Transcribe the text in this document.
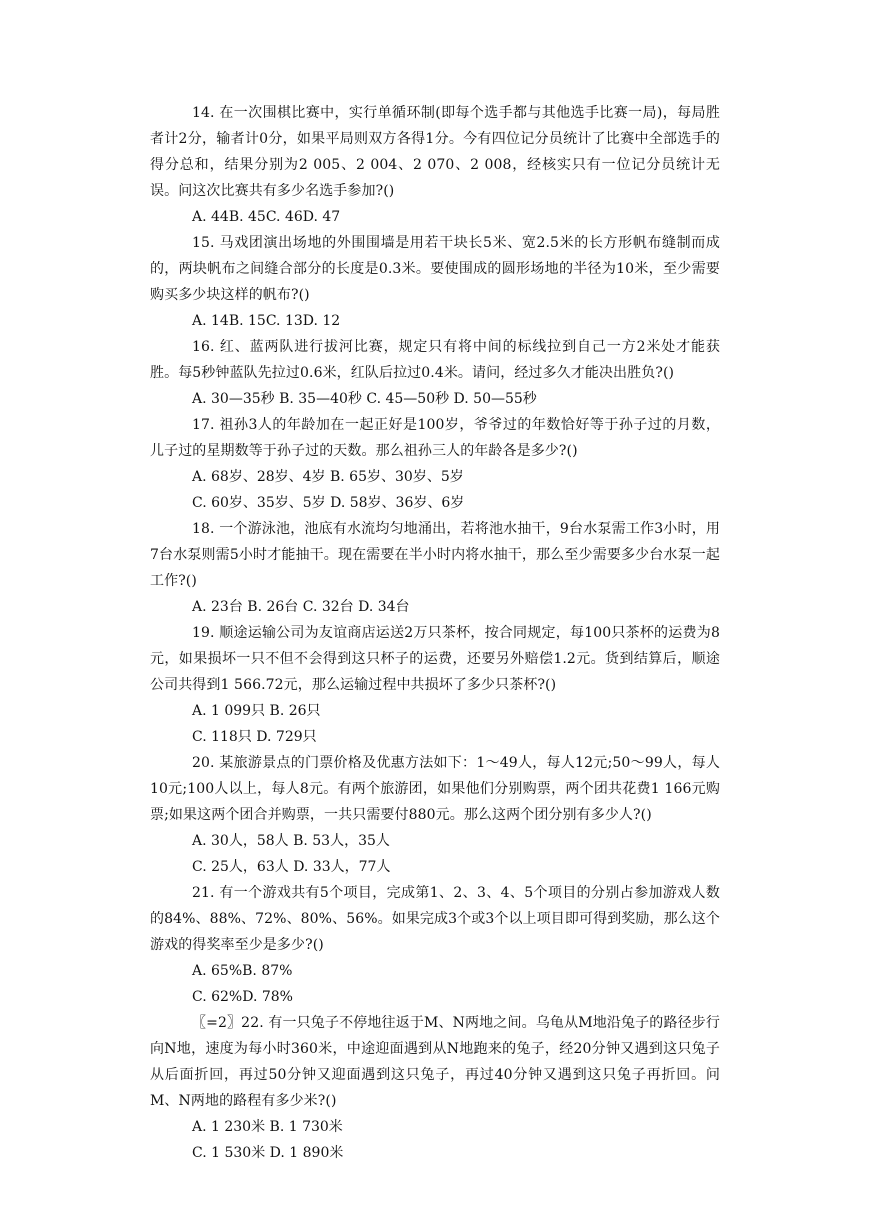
14. 在一次围棋比赛中，实行单循环制(即每个选手都与其他选手比赛一局)，每局胜者计2分，输者计0分，如果平局则双方各得1分。今有四位记分员统计了比赛中全部选手的得分总和，结果分别为2 005、2 004、2 070、2 008，经核实只有一位记分员统计无误。问这次比赛共有多少名选手参加?()

A. 44B. 45C. 46D. 47

15. 马戏团演出场地的外围围墙是用若干块长5米、宽2.5米的长方形帆布缝制而成的，两块帆布之间缝合部分的长度是0.3米。要使围成的圆形场地的半径为10米，至少需要购买多少块这样的帆布?()

A. 14B. 15C. 13D. 12

16. 红、蓝两队进行拔河比赛，规定只有将中间的标线拉到自己一方2米处才能获胜。每5秒钟蓝队先拉过0.6米，红队后拉过0.4米。请问，经过多久才能决出胜负?()

A. 30—35秒 B. 35—40秒 C. 45—50秒 D. 50—55秒

17. 祖孙3人的年龄加在一起正好是100岁，爷爷过的年数恰好等于孙子过的月数，儿子过的星期数等于孙子过的天数。那么祖孙三人的年龄各是多少?()

A. 68岁、28岁、4岁 B. 65岁、30岁、5岁

C. 60岁、35岁、5岁 D. 58岁、36岁、6岁

18. 一个游泳池，池底有水流均匀地涌出，若将池水抽干，9台水泵需工作3小时，用7台水泵则需5小时才能抽干。现在需要在半小时内将水抽干，那么至少需要多少台水泵一起工作?()

A. 23台 B. 26台 C. 32台 D. 34台

19. 顺途运输公司为友谊商店运送2万只茶杯，按合同规定，每100只茶杯的运费为8元，如果损坏一只不但不会得到这只杯子的运费，还要另外赔偿1.2元。货到结算后，顺途公司共得到1 566.72元，那么运输过程中共损坏了多少只茶杯?()

A. 1 099只 B. 26只

C. 118只 D. 729只

20. 某旅游景点的门票价格及优惠方法如下：1～49人，每人12元;50～99人，每人10元;100人以上，每人8元。有两个旅游团，如果他们分别购票，两个团共花费1 166元购票;如果这两个团合并购票，一共只需要付880元。那么这两个团分别有多少人?()

A. 30人，58人 B. 53人，35人

C. 25人，63人 D. 33人，77人

21. 有一个游戏共有5个项目，完成第1、2、3、4、5个项目的分别占参加游戏人数的84%、88%、72%、80%、56%。如果完成3个或3个以上项目即可得到奖励，那么这个游戏的得奖率至少是多少?()

A. 65%B. 87%

C. 62%D. 78%

〖=2〗22. 有一只兔子不停地往返于M、N两地之间。乌龟从M地沿兔子的路径步行向N地，速度为每小时360米，中途迎面遇到从N地跑来的兔子，经20分钟又遇到这只兔子从后面折回，再过50分钟又迎面遇到这只兔子，再过40分钟又遇到这只兔子再折回。问M、N两地的路程有多少米?()

A. 1 230米 B. 1 730米

C. 1 530米 D. 1 890米
